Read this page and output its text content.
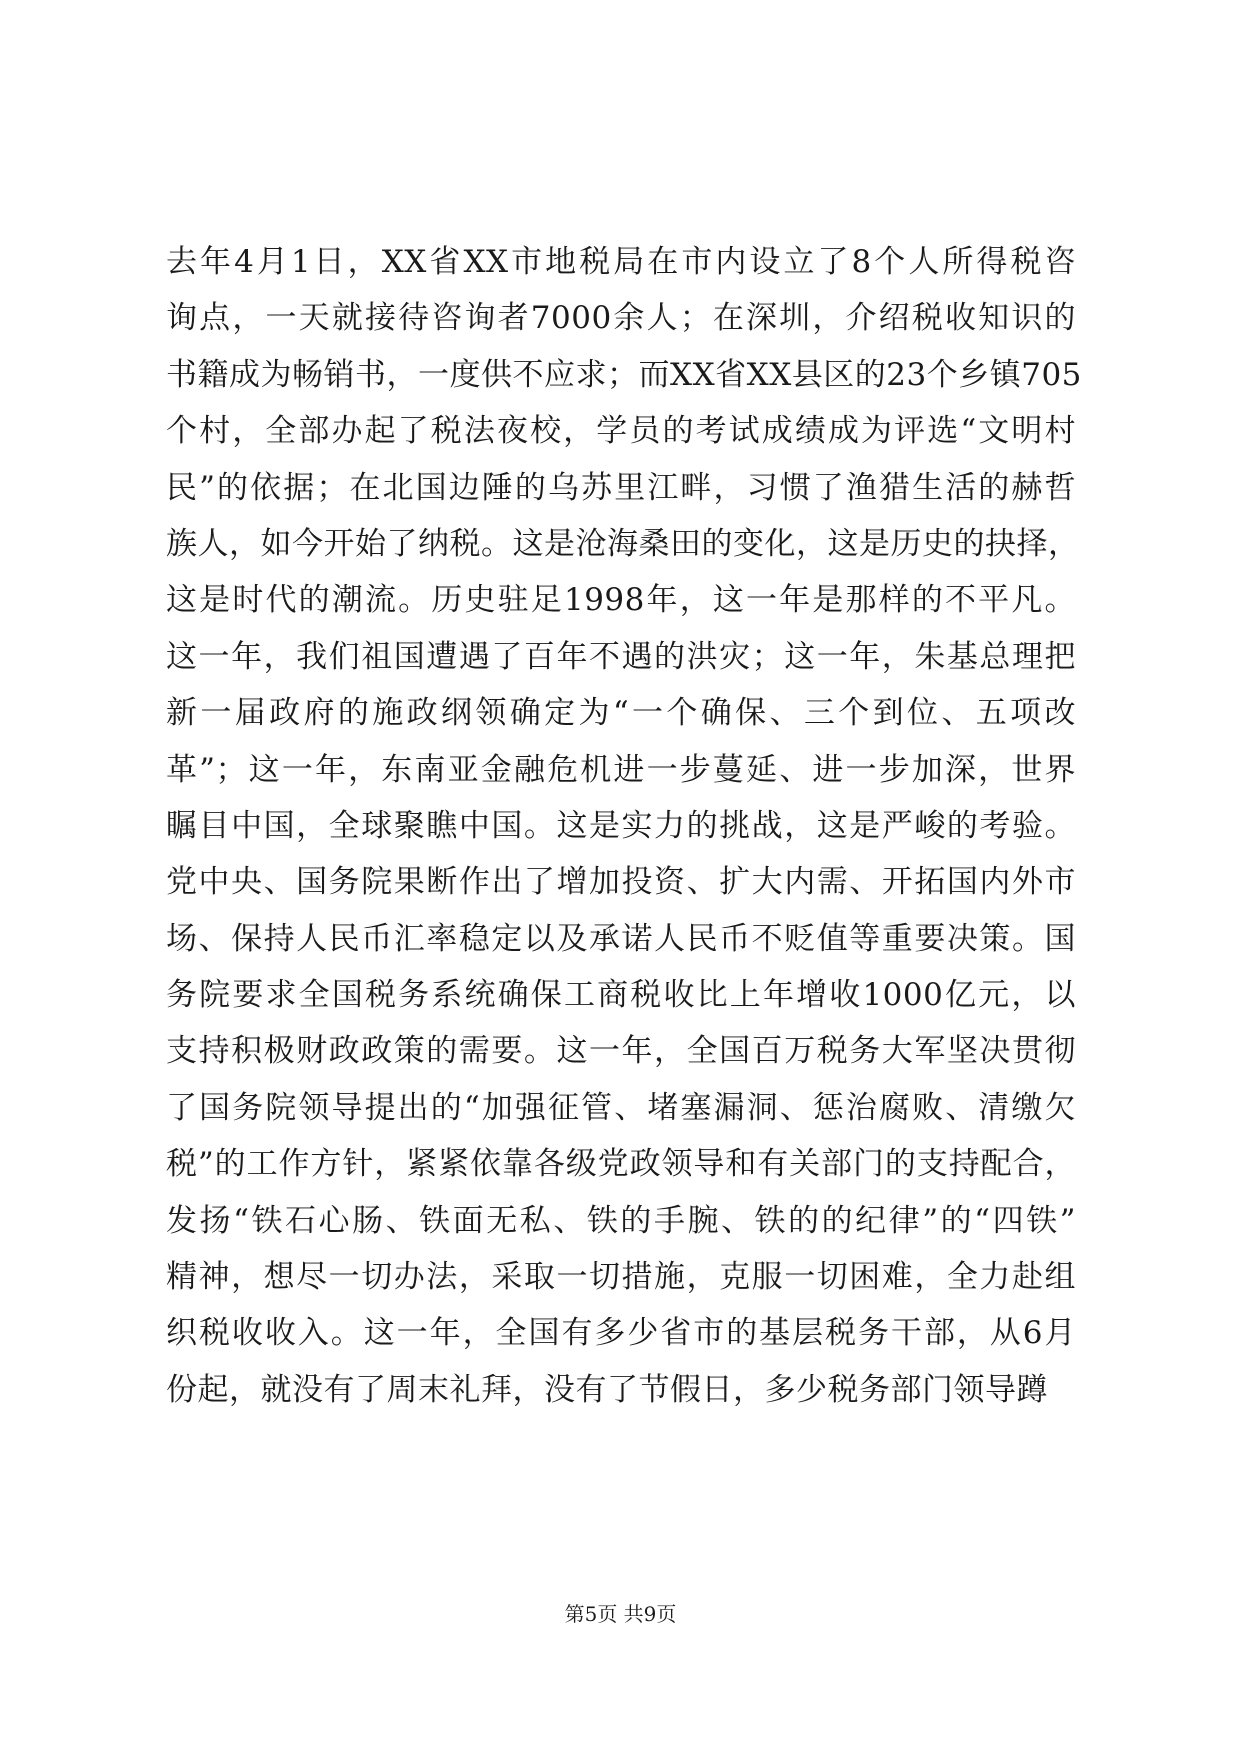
去年4月1日，XX省XX市地税局在市内设立了8个人所得税咨
询点，一天就接待咨询者7000余人；在深圳，介绍税收知识的
书籍成为畅销书，一度供不应求；而XX省XX县区的23个乡镇705
个村，全部办起了税法夜校，学员的考试成绩成为评选“文明村
民”的依据；在北国边陲的乌苏里江畔，习惯了渔猎生活的赫哲
族人，如今开始了纳税。这是沧海桑田的变化，这是历史的抉择，
这是时代的潮流。历史驻足1998年，这一年是那样的不平凡。
这一年，我们祖国遭遇了百年不遇的洪灾；这一年，朱基总理把
新一届政府的施政纲领确定为“一个确保、三个到位、五项改
革”；这一年，东南亚金融危机进一步蔓延、进一步加深，世界
瞩目中国，全球聚瞧中国。这是实力的挑战，这是严峻的考验。
党中央、国务院果断作出了增加投资、扩大内需、开拓国内外市
场、保持人民币汇率稳定以及承诺人民币不贬值等重要决策。国
务院要求全国税务系统确保工商税收比上年增收1000亿元，以
支持积极财政政策的需要。这一年，全国百万税务大军坚决贯彻
了国务院领导提出的“加强征管、堵塞漏洞、惩治腐败、清缴欠
税”的工作方针，紧紧依靠各级党政领导和有关部门的支持配合，
发扬“铁石心肠、铁面无私、铁的手腕、铁的的纪律”的“四铁”
精神，想尽一切办法，采取一切措施，克服一切困难，全力赴组
织税收收入。这一年，全国有多少省市的基层税务干部，从6月
份起，就没有了周末礼拜，没有了节假日，多少税务部门领导蹲
第5页 共9页
